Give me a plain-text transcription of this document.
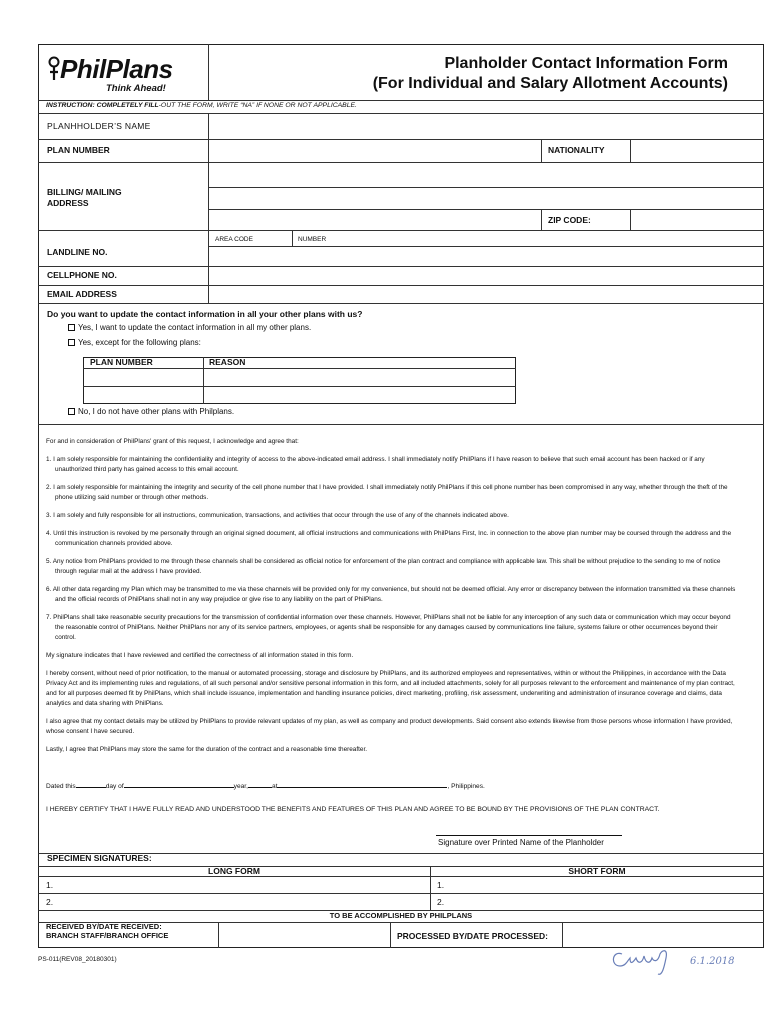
PhilPlans
Think Ahead!
Planholder Contact Information Form
(For Individual and Salary Allotment Accounts)
INSTRUCTION: COMPLETELY FILL-OUT THE FORM, WRITE “NA” IF NONE OR NOT APPLICABLE.
PLANHHOLDER’S NAME
PLAN NUMBER	NATIONALITY
BILLING/ MAILING ADDRESS
ZIP CODE:
AREA CODE	NUMBER
LANDLINE NO.
CELLPHONE NO.
EMAIL ADDRESS
Do you want to update the contact information in all your other plans with us?
Yes, I want to update the contact information in all my other plans.
Yes, except for the following plans:
PLAN NUMBER	REASON
No, I do not have other plans with Philplans.

For and in consideration of PhilPlans' grant of this request, I acknowledge and agree that:

1. I am solely responsible for maintaining the confidentiality and integrity of access to the above-indicated email address. I shall immediately notify PhilPlans if I have reason to believe that such email account has been hacked or if any unauthorized third party has gained access to this email account.

2. I am solely responsible for maintaining the integrity and security of the cell phone number that I have provided. I shall immediately notify PhilPlans if this cell phone number has been compromised in any way, whether through the theft of the phone utilizing said number or through other methods.

3. I am solely and fully responsible for all instructions, communication, transactions, and activities that occur through the use of any of the channels indicated above.

4. Until this instruction is revoked by me personally through an original signed document, all official instructions and communications with PhilPlans First, Inc. in connection to the above plan number may be coursed through the address and the communication channels provided above.

5. Any notice from PhilPlans provided to me through these channels shall be considered as official notice for enforcement of the plan contract and compliance with applicable law. This shall be without prejudice to the sending to me of notice through regular mail at the address I have provided.

6. All other data regarding my Plan which may be transmitted to me via these channels will be provided only for my convenience, but should not be deemed official. Any error or discrepancy between the information transmitted via these channels and the official records of PhilPlans shall not in any way prejudice or give rise to any liability on the part of PhilPlans.

7. PhilPlans shall take reasonable security precautions for the transmission of confidential information over these channels. However, PhilPlans shall not be liable for any interception of any such data or communication which may occur beyond the reasonable control of PhilPlans. Neither PhilPlans nor any of its service partners, employees, or agents shall be responsible for any damages caused by communications line failure, systems failure or other occurrences beyond their control.

My signature indicates that I have reviewed and certified the correctness of all information stated in this form.

I hereby consent, without need of prior notification, to the manual or automated processing, storage and disclosure by PhilPlans, and its authorized employees and representatives, within or without the Philippines, in accordance with the Data Privacy Act and its implementing rules and regulations, of all such personal and/or sensitive personal information in this form, and all included attachments, solely for all purposes relevant to the enforcement and maintenance of my plan contract, and for all purposes deemed fit by PhilPlans, which shall include issuance, implementation and handling insurance policies, direct marketing, profiling, risk assessment, underwriting and administration of insurance coverage and claims, data analytics and data sharing with PhilPlans.

I also agree that my contact details may be utilized by PhilPlans to provide relevant updates of my plan, as well as company and product developments. Said consent also extends likewise from those persons whose information I have provided, whose consent I have secured.

Lastly, I agree that PhilPlans may store the same for the duration of the contract and a reasonable time thereafter.

Dated this	day of	year,	at	, Philippines.
I HEREBY CERTIFY THAT I HAVE FULLY READ AND UNDERSTOOD THE BENEFITS AND FEATURES OF THIS PLAN AND AGREE TO BE BOUND BY THE PROVISIONS OF THE PLAN CONTRACT.
Signature over Printed Name of the Planholder
SPECIMEN SIGNATURES:
LONG FORM	SHORT FORM
1.	1.
2.	2.
TO BE ACCOMPLISHED BY PHILPLANS
RECEIVED BY/DATE RECEIVED:
BRANCH STAFF/BRANCH OFFICE	PROCESSED BY/DATE PROCESSED:
PS-011(REV08_20180301)	6.1.2018
